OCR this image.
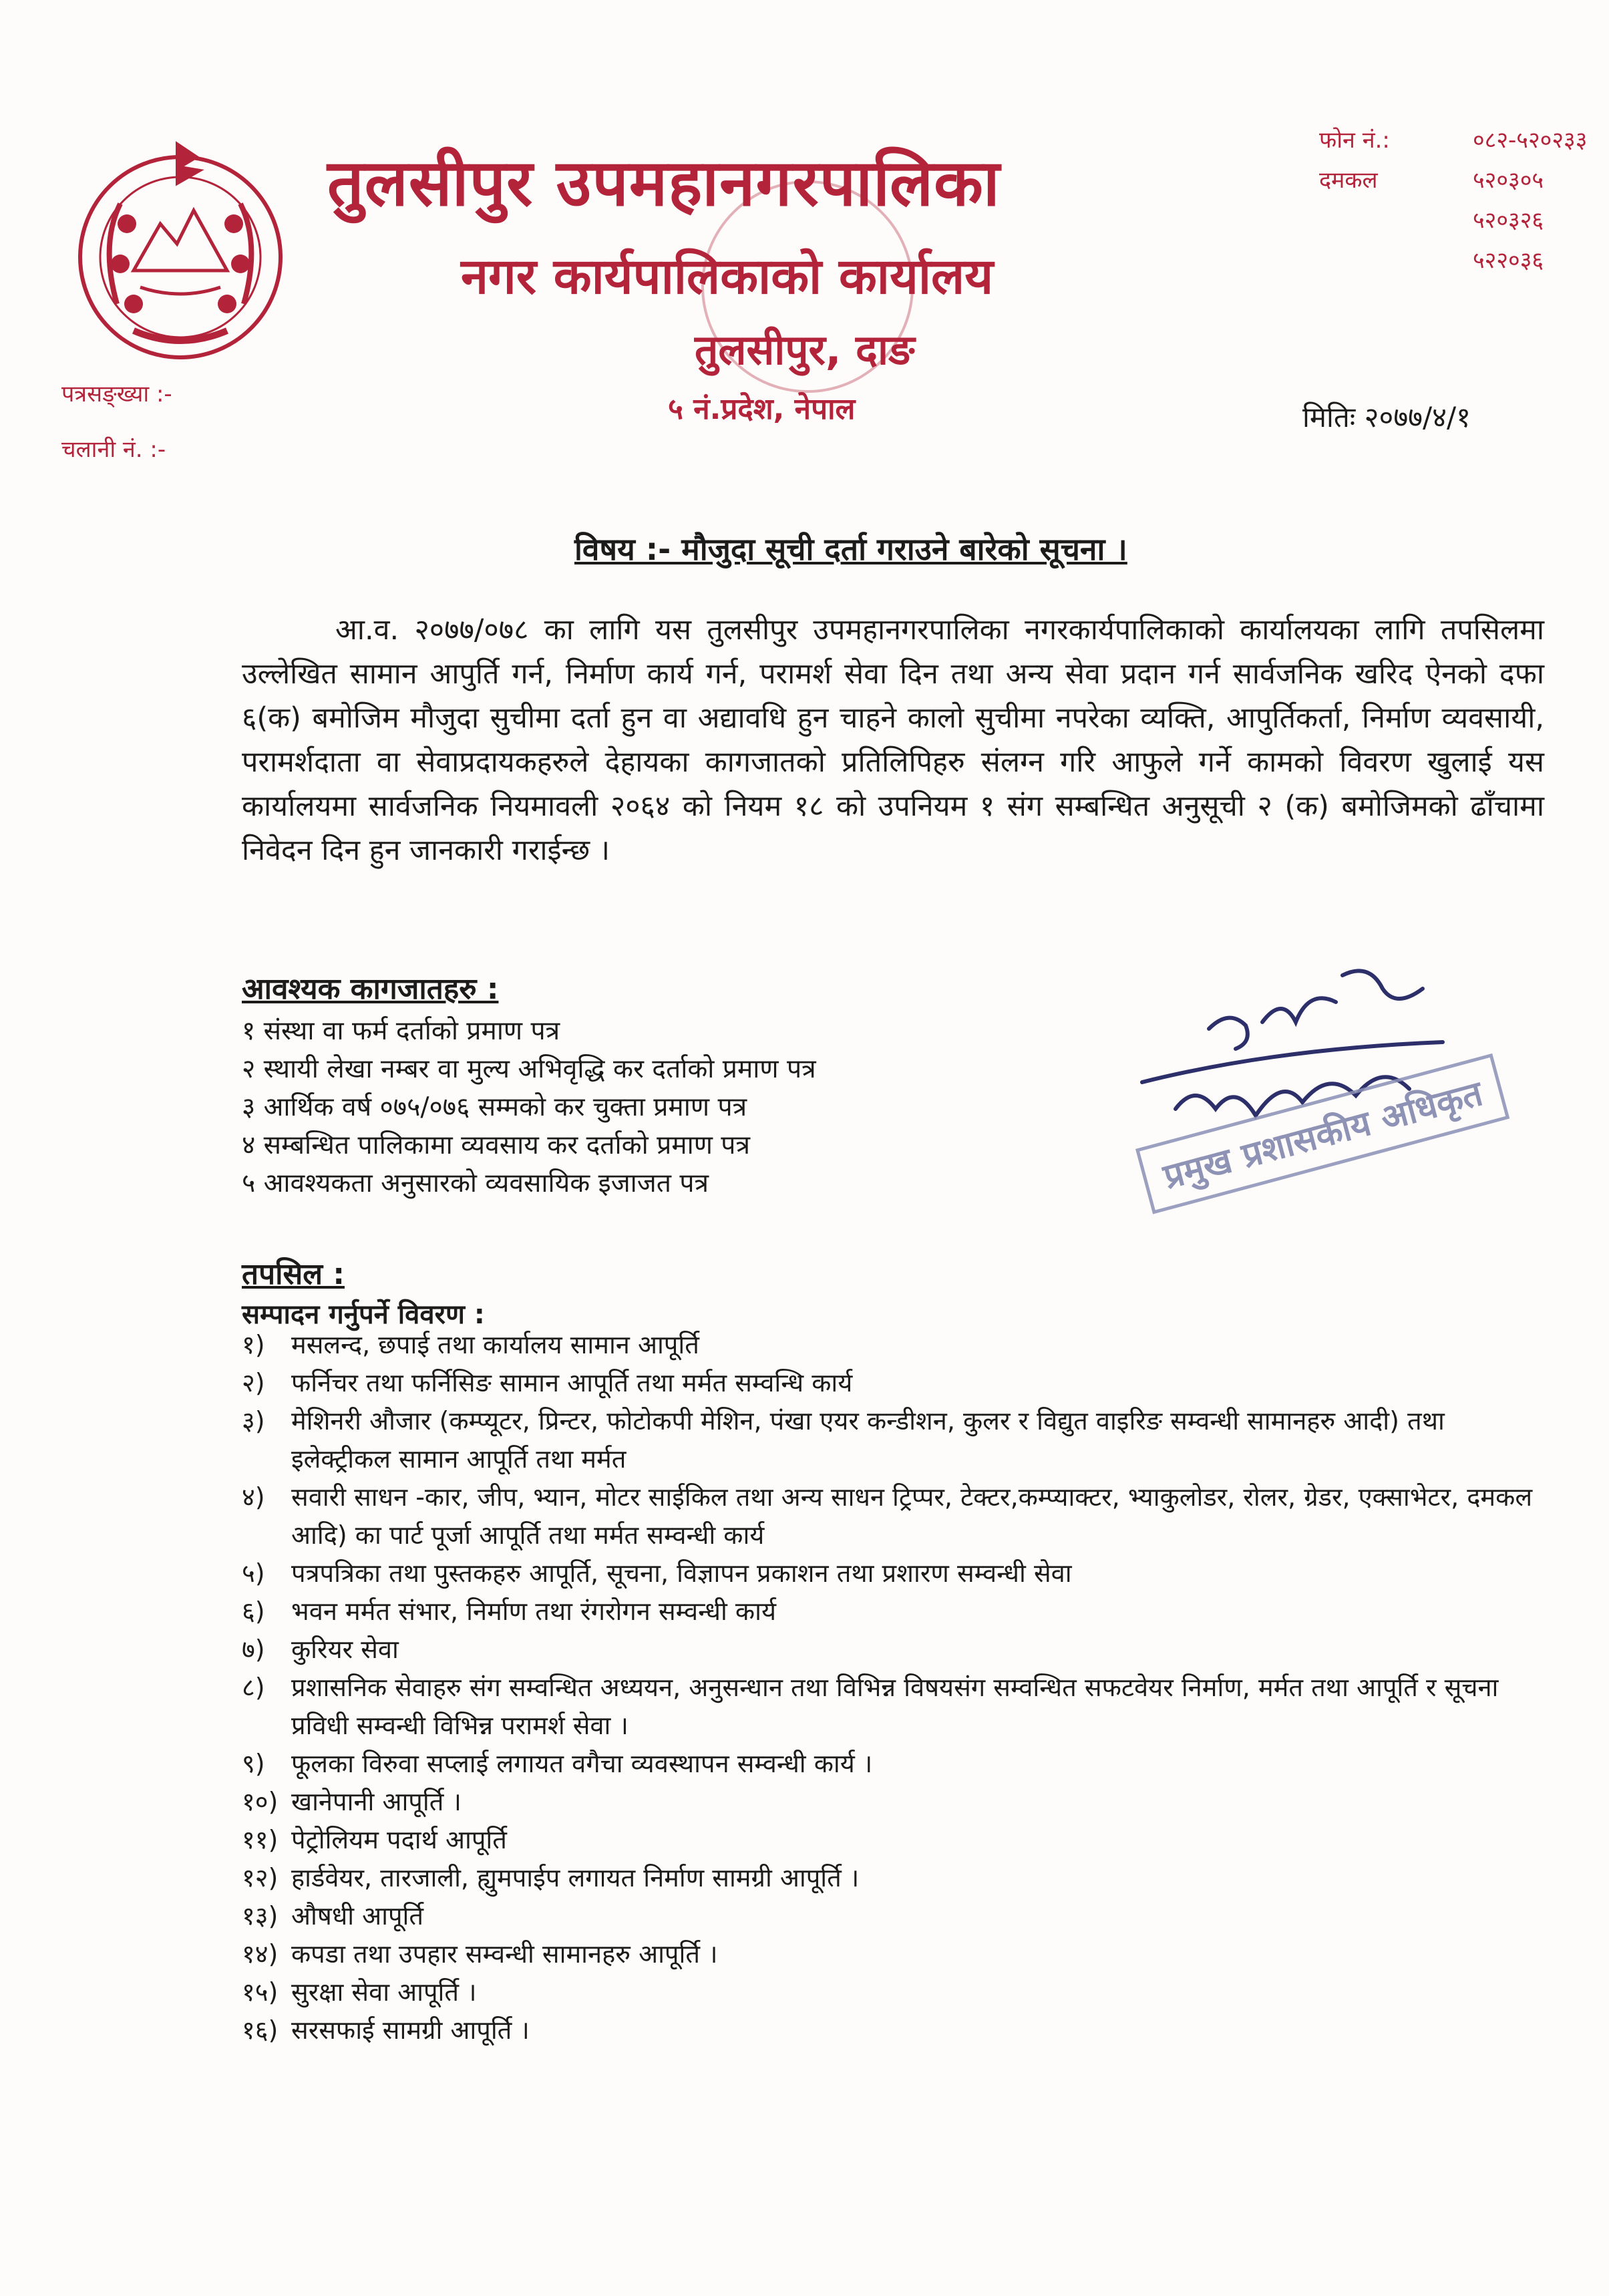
तुलसीपुर उपमहानगरपालिका
नगर कार्यपालिकाको कार्यालय
तुलसीपुर, दाङ
५ नं.प्रदेश, नेपाल
फोन नं.:	०८२-५२०२३३
दमकल	५२०३०५
५२०३२६
५२२०३६
पत्रसङ्ख्या :-
चलानी नं. :-
मितिः २०७७/४/१
विषय :- मौजुदा सूची दर्ता गराउने बारेको सूचना ।

आ.व. २०७७/०७८ का लागि यस तुलसीपुर उपमहानगरपालिका नगरकार्यपालिकाको कार्यालयका लागि तपसिलमा उल्लेखित सामान आपुर्ति गर्न, निर्माण कार्य गर्न, परामर्श सेवा दिन तथा अन्य सेवा प्रदान गर्न सार्वजनिक खरिद ऐनको दफा ६(क) बमोजिम मौजुदा सुचीमा दर्ता हुन वा अद्यावधि हुन चाहने कालो सुचीमा नपरेका व्यक्ति, आपुर्तिकर्ता, निर्माण व्यवसायी, परामर्शदाता वा सेवाप्रदायकहरुले देहायका कागजातको प्रतिलिपिहरु संलग्न गरि आफुले गर्ने कामको विवरण खुलाई यस कार्यालयमा सार्वजनिक नियमावली २०६४ को नियम १८ को उपनियम १ संग सम्बन्धित अनुसूची २ (क) बमोजिमको ढाँचामा निवेदन दिन हुन जानकारी गराईन्छ ।

आवश्यक कागजातहरु :
१ संस्था वा फर्म दर्ताको प्रमाण पत्र
२ स्थायी लेखा नम्बर वा मुल्य अभिवृद्धि कर दर्ताको प्रमाण पत्र
३ आर्थिक वर्ष ०७५/०७६ सम्मको कर चुक्ता प्रमाण पत्र
४ सम्बन्धित पालिकामा व्यवसाय कर दर्ताको प्रमाण पत्र
५ आवश्यकता अनुसारको व्यवसायिक इजाजत पत्र	प्रमुख प्रशासकीय अधिकृत
तपसिल :
सम्पादन गर्नुपर्ने विवरण :
१)	मसलन्द, छपाई तथा कार्यालय सामान आपूर्ति
२)	फर्निचर तथा फर्निसिङ सामान आपूर्ति तथा मर्मत सम्वन्धि कार्य
३)	मेशिनरी औजार (कम्प्यूटर, प्रिन्टर, फोटोकपी मेशिन, पंखा एयर कन्डीशन, कुलर र विद्युत वाइरिङ सम्वन्धी सामानहरु आदी) तथा इलेक्ट्रीकल सामान आपूर्ति तथा मर्मत
४)	सवारी साधन -कार, जीप, भ्यान, मोटर साईकिल तथा अन्य साधन ट्रिप्पर, टेक्टर,कम्प्याक्टर, भ्याकुलोडर, रोलर, ग्रेडर, एक्साभेटर, दमकल आदि) का पार्ट पूर्जा आपूर्ति तथा मर्मत सम्वन्धी कार्य
५)	पत्रपत्रिका तथा पुस्तकहरु आपूर्ति, सूचना, विज्ञापन प्रकाशन तथा प्रशारण सम्वन्धी सेवा
६)	भवन मर्मत संभार, निर्माण तथा रंगरोगन सम्वन्धी कार्य
७)	कुरियर सेवा
८)	प्रशासनिक सेवाहरु संग सम्वन्धित अध्ययन, अनुसन्धान तथा विभिन्न विषयसंग सम्वन्धित सफटवेयर निर्माण, मर्मत तथा आपूर्ति र सूचना प्रविधी सम्वन्धी विभिन्न परामर्श सेवा ।
९)	फूलका विरुवा सप्लाई लगायत वगैचा व्यवस्थापन सम्वन्धी कार्य ।
१०) खानेपानी आपूर्ति ।
११) पेट्रोलियम पदार्थ आपूर्ति
१२) हार्डवेयर, तारजाली, ह्युमपाईप लगायत निर्माण सामग्री आपूर्ति ।
१३) औषधी आपूर्ति
१४) कपडा तथा उपहार सम्वन्धी सामानहरु आपूर्ति ।
१५) सुरक्षा सेवा आपूर्ति ।
१६) सरसफाई सामग्री आपूर्ति ।
